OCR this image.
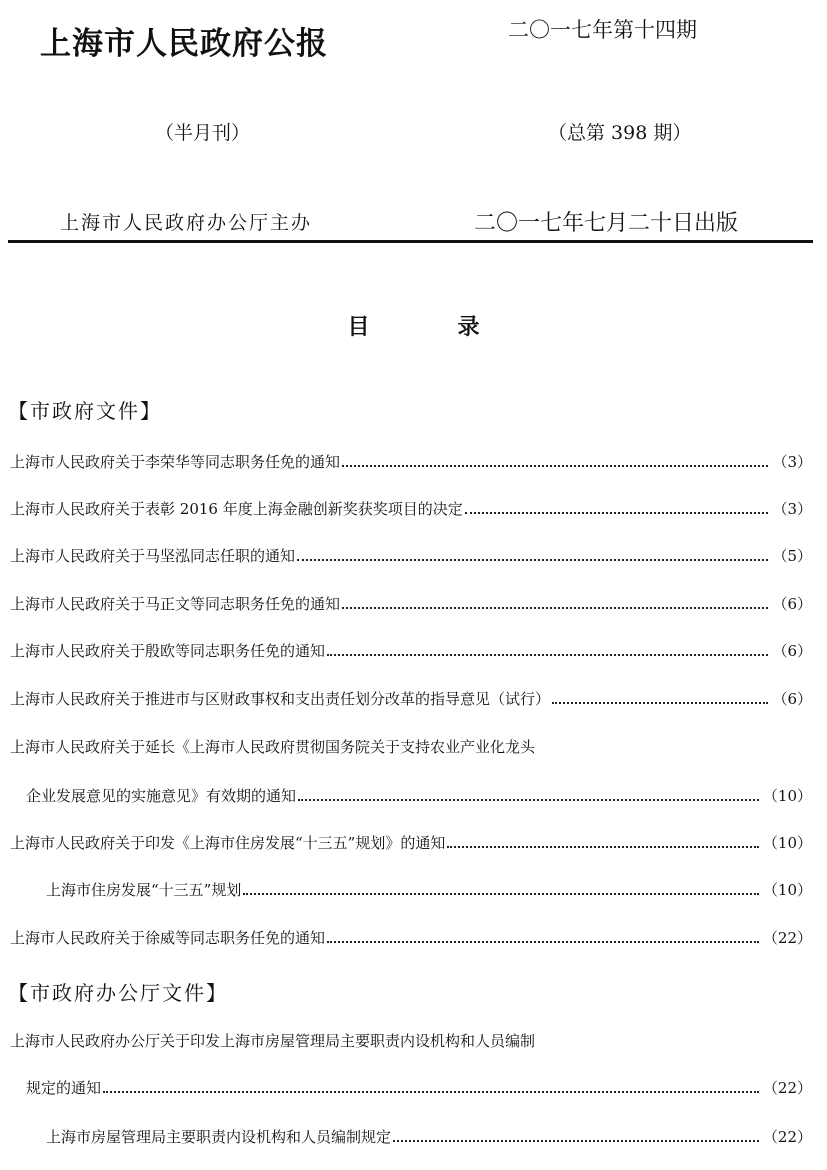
上海市人民政府公报	二〇一七年第十四期
（半月刊）	（总第 398 期）
上海市人民政府办公厅主办	二〇一七年七月二十日出版
目	录
【市政府文件】
【市政府办公厅文件】
上海市人民政府关于李荣华等同志职务任免的通知	（3）
上海市人民政府关于表彰 2016 年度上海金融创新奖获奖项目的决定	（3）
上海市人民政府关于马坚泓同志任职的通知	（5）
上海市人民政府关于马正文等同志职务任免的通知	（6）
上海市人民政府关于殷欧等同志职务任免的通知	（6）
上海市人民政府关于推进市与区财政事权和支出责任划分改革的指导意见（试行）	（6）
上海市人民政府关于延长《上海市人民政府贯彻国务院关于支持农业产业化龙头
企业发展意见的实施意见》有效期的通知	（10）
上海市人民政府关于印发《上海市住房发展“十三五”规划》的通知	（10）
上海市住房发展“十三五”规划	（10）
上海市人民政府关于徐威等同志职务任免的通知	（22）
上海市人民政府办公厅关于印发上海市房屋管理局主要职责内设机构和人员编制
规定的通知	（22）
上海市房屋管理局主要职责内设机构和人员编制规定	（22）
